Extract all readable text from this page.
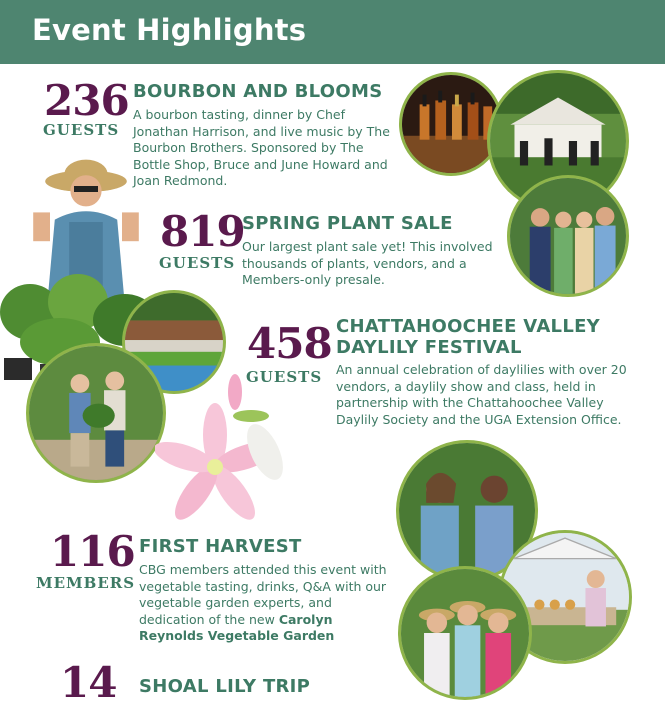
Event Highlights
236
GUESTS
BOURBON AND BLOOMS
A bourbon tasting, dinner by Chef Jonathan Harrison, and live music by The Bourbon Brothers. Sponsored by The Bottle Shop, Bruce and June Howard and Joan Redmond.
819
GUESTS
SPRING PLANT SALE
Our largest plant sale yet! This involved thousands of plants, vendors, and a Members-only presale.
458
GUESTS
CHATTAHOOCHEE VALLEY DAYLILY FESTIVAL
An annual celebration of daylilies with over 20 vendors, a daylily show and class, held in partnership with the Chattahoochee Valley Daylily Society and the UGA Extension Office.
116
MEMBERS
FIRST HARVEST
CBG members attended this event with vegetable tasting, drinks, Q&A with our vegetable garden experts, and dedication of the new Carolyn Reynolds Vegetable Garden
14 SHOAL LILY TRIP
